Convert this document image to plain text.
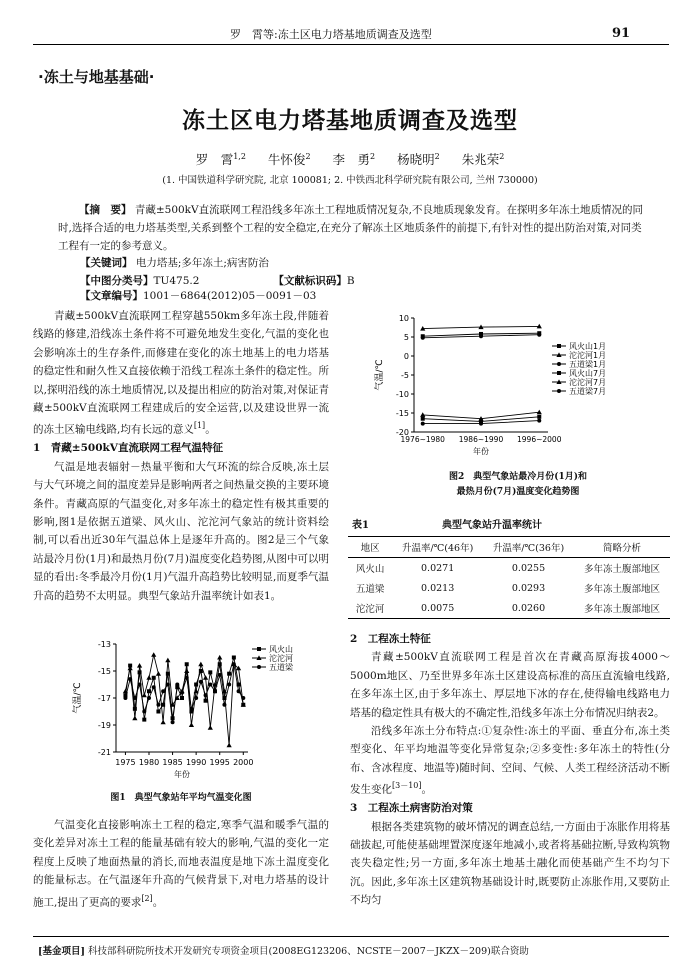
罗　霄等:冻土区电力塔基地质调查及选型	91
·冻土与地基基础·
冻土区电力塔基地质调查及选型
罗　霄$^{1,2}$ 牛怀俊$^2$ 李　勇$^2$ 杨晓明$^2$ 朱兆荣$^2$
(1. 中国铁道科学研究院, 北京 100081; 2. 中铁西北科学研究院有限公司, 兰州 730000)
【摘　要】 青藏±500kV直流联网工程沿线多年冻土工程地质情况复杂,不良地质现象发育。在探明多年冻土地质情况的同时,选择合适的电力塔基类型,关系到整个工程的安全稳定,在充分了解冻土区地质条件的前提下,有针对性的提出防治对策,对同类工程有一定的参考意义。
【关键词】 电力塔基;多年冻土;病害防治
【中图分类号】TU475.2	【文献标识码】B 【文章编号】1001－6864(2012)05－0091－03

青藏±500kV直流联网工程穿越550km多年冻土段,伴随着线路的修建,沿线冻土条件将不可避免地发生变化,气温的变化也会影响冻土的生存条件,而修建在变化的冻土地基上的电力塔基的稳定性和耐久性又直接依赖于沿线工程冻土条件的稳定性。所以,探明沿线的冻土地质情况,以及提出相应的防治对策,对保证青藏±500kV直流联网工程建成后的安全运营,以及建设世界一流的冻土区输电线路,均有长远的意义[1]。

1　青藏±500kV直流联网工程气温特征

气温是地表辐射－热量平衡和大气环流的综合反映,冻土层与大气环境之间的温度差异是影响两者之间热量交换的主要环境条件。青藏高原的气温变化,对多年冻土的稳定性有极其重要的影响,图1是依据五道梁、风火山、沱沱河气象站的统计资料绘制,可以看出近30年气温总体上是逐年升高的。图2是三个气象站最冷月份(1月)和最热月份(7月)温度变化趋势图,从图中可以明显的看出:冬季最冷月份(1月)气温升高趋势比较明显,而夏季气温升高的趋势不太明显。典型气象站升温率统计如表1。

-13
-15
-17
-19
-21
1975 1980 1985 1990 1995 2000
年份
气温/℃
风火山
沱沱河
五道梁
图1　典型气象站年平均气温变化图

气温变化直接影响冻土工程的稳定,寒季气温和暖季气温的变化差异对冻土工程的能量基础有较大的影响,气温的变化一定程度上反映了地面热量的消长,而地表温度是地下冻土温度变化的能量标志。在气温逐年升高的气候背景下,对电力塔基的设计施工,提出了更高的要求[2]。

10
5
0
-5
-10
-15
-20
1976~1980 1986~1990 1996~2000
年份
气温/℃
风火山1月
沱沱河1月
五道梁1月
风火山7月
沱沱河7月
五道梁7月
图2　典型气象站最冷月份(1月)和
最热月份(7月)温度变化趋势图
表1	典型气象站升温率统计
地区	升温率/℃(46年)	升温率/℃(36年)	简略分析
风火山	0.0271	0.0255	多年冻土腹部地区
五道梁	0.0213	0.0293	多年冻土腹部地区
沱沱河	0.0075	0.0260	多年冻土腹部地区
2　工程冻土特征

青藏±500kV直流联网工程是首次在青藏高原海拔4000～5000m地区、乃至世界多年冻土区建设高标准的高压直流输电线路,在多年冻土区,由于多年冻土、厚层地下冰的存在,使得输电线路电力塔基的稳定性具有极大的不确定性,沿线多年冻土分布情况归纳表2。

沿线多年冻土分布特点:①复杂性:冻土的平面、垂直分布,冻土类型变化、年平均地温等变化异常复杂;②多变性:多年冻土的特性(分布、含冰程度、地温等)随时间、空间、气候、人类工程经济活动不断发生变化[3－10]。

3　工程冻土病害防治对策

根据各类建筑物的破坏情况的调查总结,一方面由于冻胀作用将基础拔起,可能使基础埋置深度逐年地减小,或者将基础拉断,导致构筑物丧失稳定性;另一方面,多年冻土地基土融化而使基础产生不均匀下沉。因此,多年冻土区建筑物基础设计时,既要防止冻胀作用,又要防止不均匀

[基金项目] 科技部科研院所技术开发研究专项资金项目(2008EG123206、NCSTE－2007－JKZX－209)联合资助
